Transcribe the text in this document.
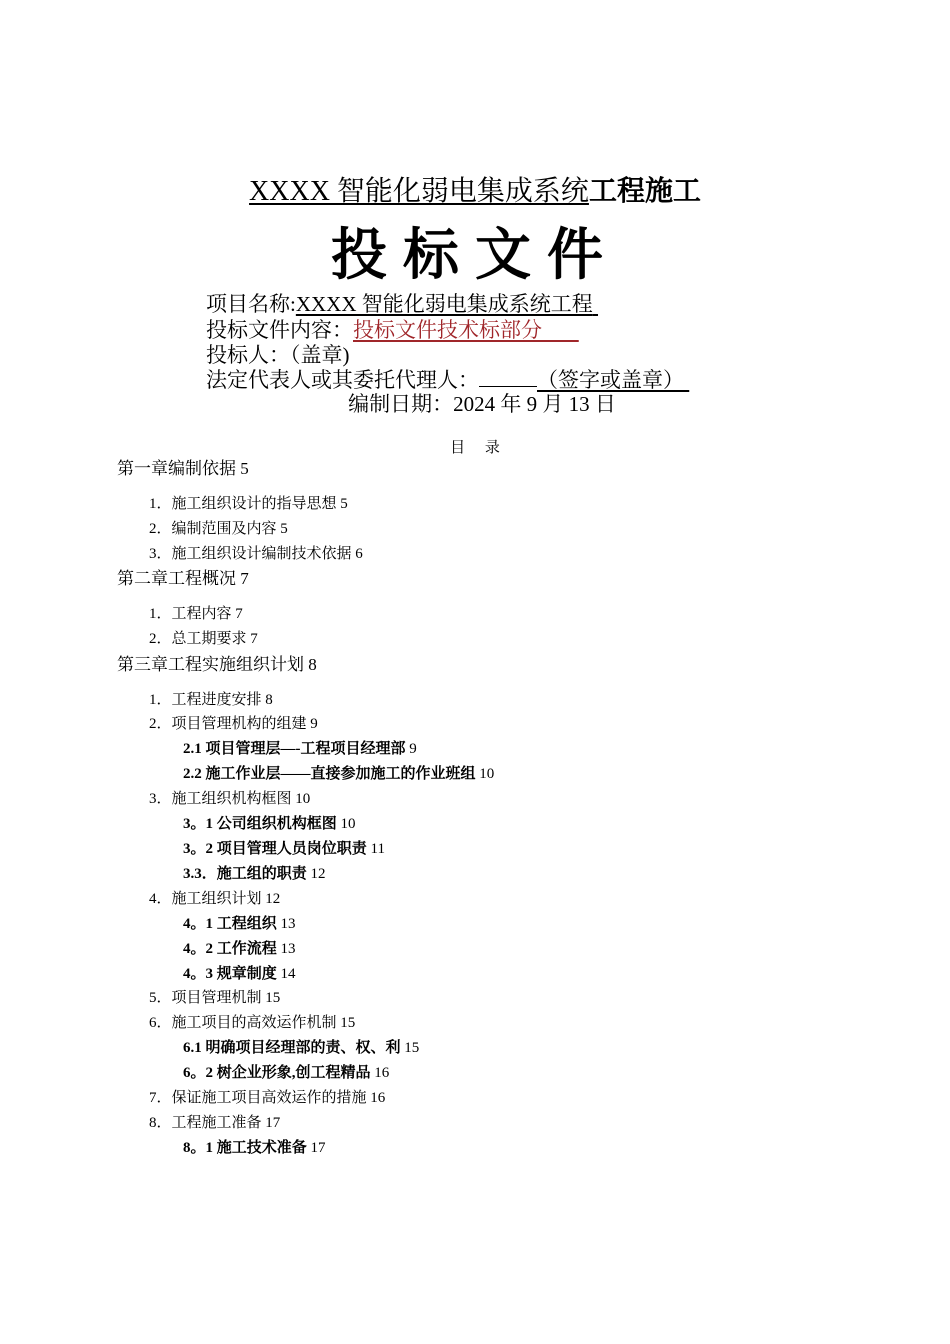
XXXX 智能化弱电集成系统工程施工
投标文件
项目名称:XXXX 智能化弱电集成系统工程
投标文件内容：投标文件技术标部分
投标人：（盖章)
法定代表人或其委托代理人：	（签字或盖章）
编制日期：2024 年 9 月 13 日
目 录
第一章编制依据 5
1．施工组织设计的指导思想 5
2．编制范围及内容 5
3．施工组织设计编制技术依据 6
第二章工程概况 7
1．工程内容 7
2．总工期要求 7
第三章工程实施组织计划 8
1．工程进度安排 8
2．项目管理机构的组建 9
2.1 项目管理层—-工程项目经理部 9
2.2 施工作业层——直接参加施工的作业班组 10
3．施工组织机构框图 10
3。1 公司组织机构框图 10
3。2 项目管理人员岗位职责 11
3.3．施工组的职责 12
4．施工组织计划 12
4。1 工程组织 13
4。2 工作流程 13
4。3 规章制度 14
5．项目管理机制 15
6．施工项目的高效运作机制 15
6.1 明确项目经理部的责、权、利 15
6。2 树企业形象,创工程精品 16
7．保证施工项目高效运作的措施 16
8．工程施工准备 17
8。1 施工技术准备 17
